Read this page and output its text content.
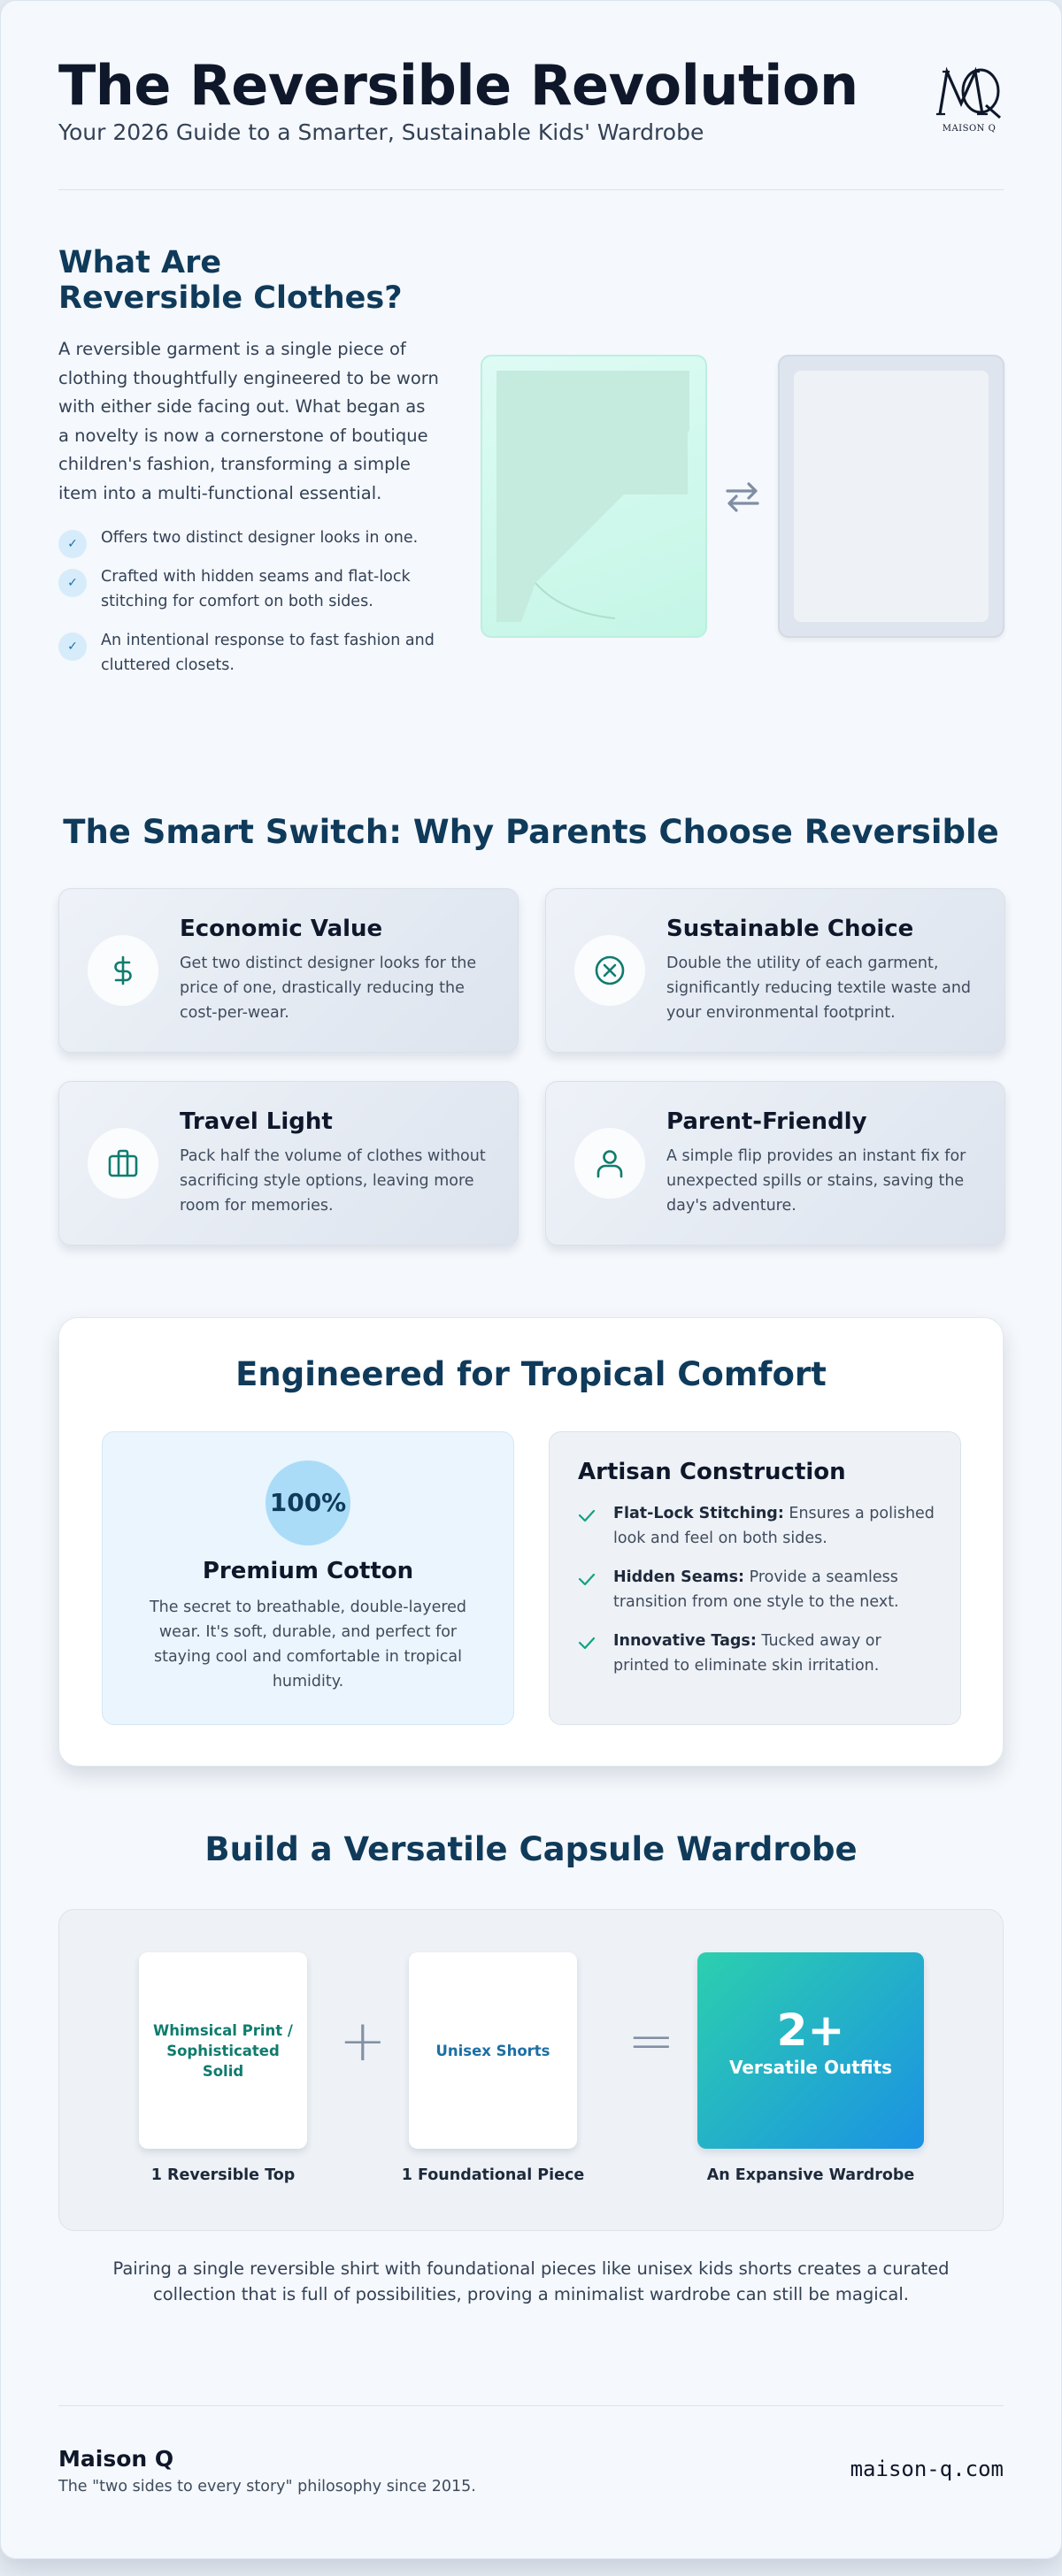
The Reversible Revolution
Your 2026 Guide to a Smarter, Sustainable Kids' Wardrobe	MAISON Q
What Are
Reversible Clothes?

A reversible garment is a single piece of clothing thoughtfully engineered to be worn with either side facing out. What began as a novelty is now a cornerstone of boutique children's fashion, transforming a simple item into a multi-functional essential.

✓	Offers two distinct designer looks in one.
✓	Crafted with hidden seams and flat-lock stitching for comfort on both sides.
✓	An intentional response to fast fashion and cluttered closets.
The Smart Switch: Why Parents Choose Reversible
Economic Value
Get two distinct designer looks for the price of one, drastically reducing the cost-per-wear.
Sustainable Choice
Double the utility of each garment, significantly reducing textile waste and your environmental footprint.
Travel Light
Pack half the volume of clothes without sacrificing style options, leaving more room for memories.
Parent-Friendly
A simple flip provides an instant fix for unexpected spills or stains, saving the day's adventure.
Engineered for Tropical Comfort
100%
Premium Cotton
The secret to breathable, double-layered wear. It's soft, durable, and perfect for staying cool and comfortable in tropical humidity.
Artisan Construction
Flat-Lock Stitching: Ensures a polished look and feel on both sides.
Hidden Seams: Provide a seamless transition from one style to the next.
Innovative Tags: Tucked away or printed to eliminate skin irritation.
Build a Versatile Capsule Wardrobe
Whimsical Print / Sophisticated Solid
1 Reversible Top
+	Unisex Shorts
1 Foundational Piece
=	2+
Versatile Outfits
An Expansive Wardrobe
Pairing a single reversible shirt with foundational pieces like unisex kids shorts creates a curated collection that is full of possibilities, proving a minimalist wardrobe can still be magical.
Maison Q
The "two sides to every story" philosophy since 2015.
maison-q.com
